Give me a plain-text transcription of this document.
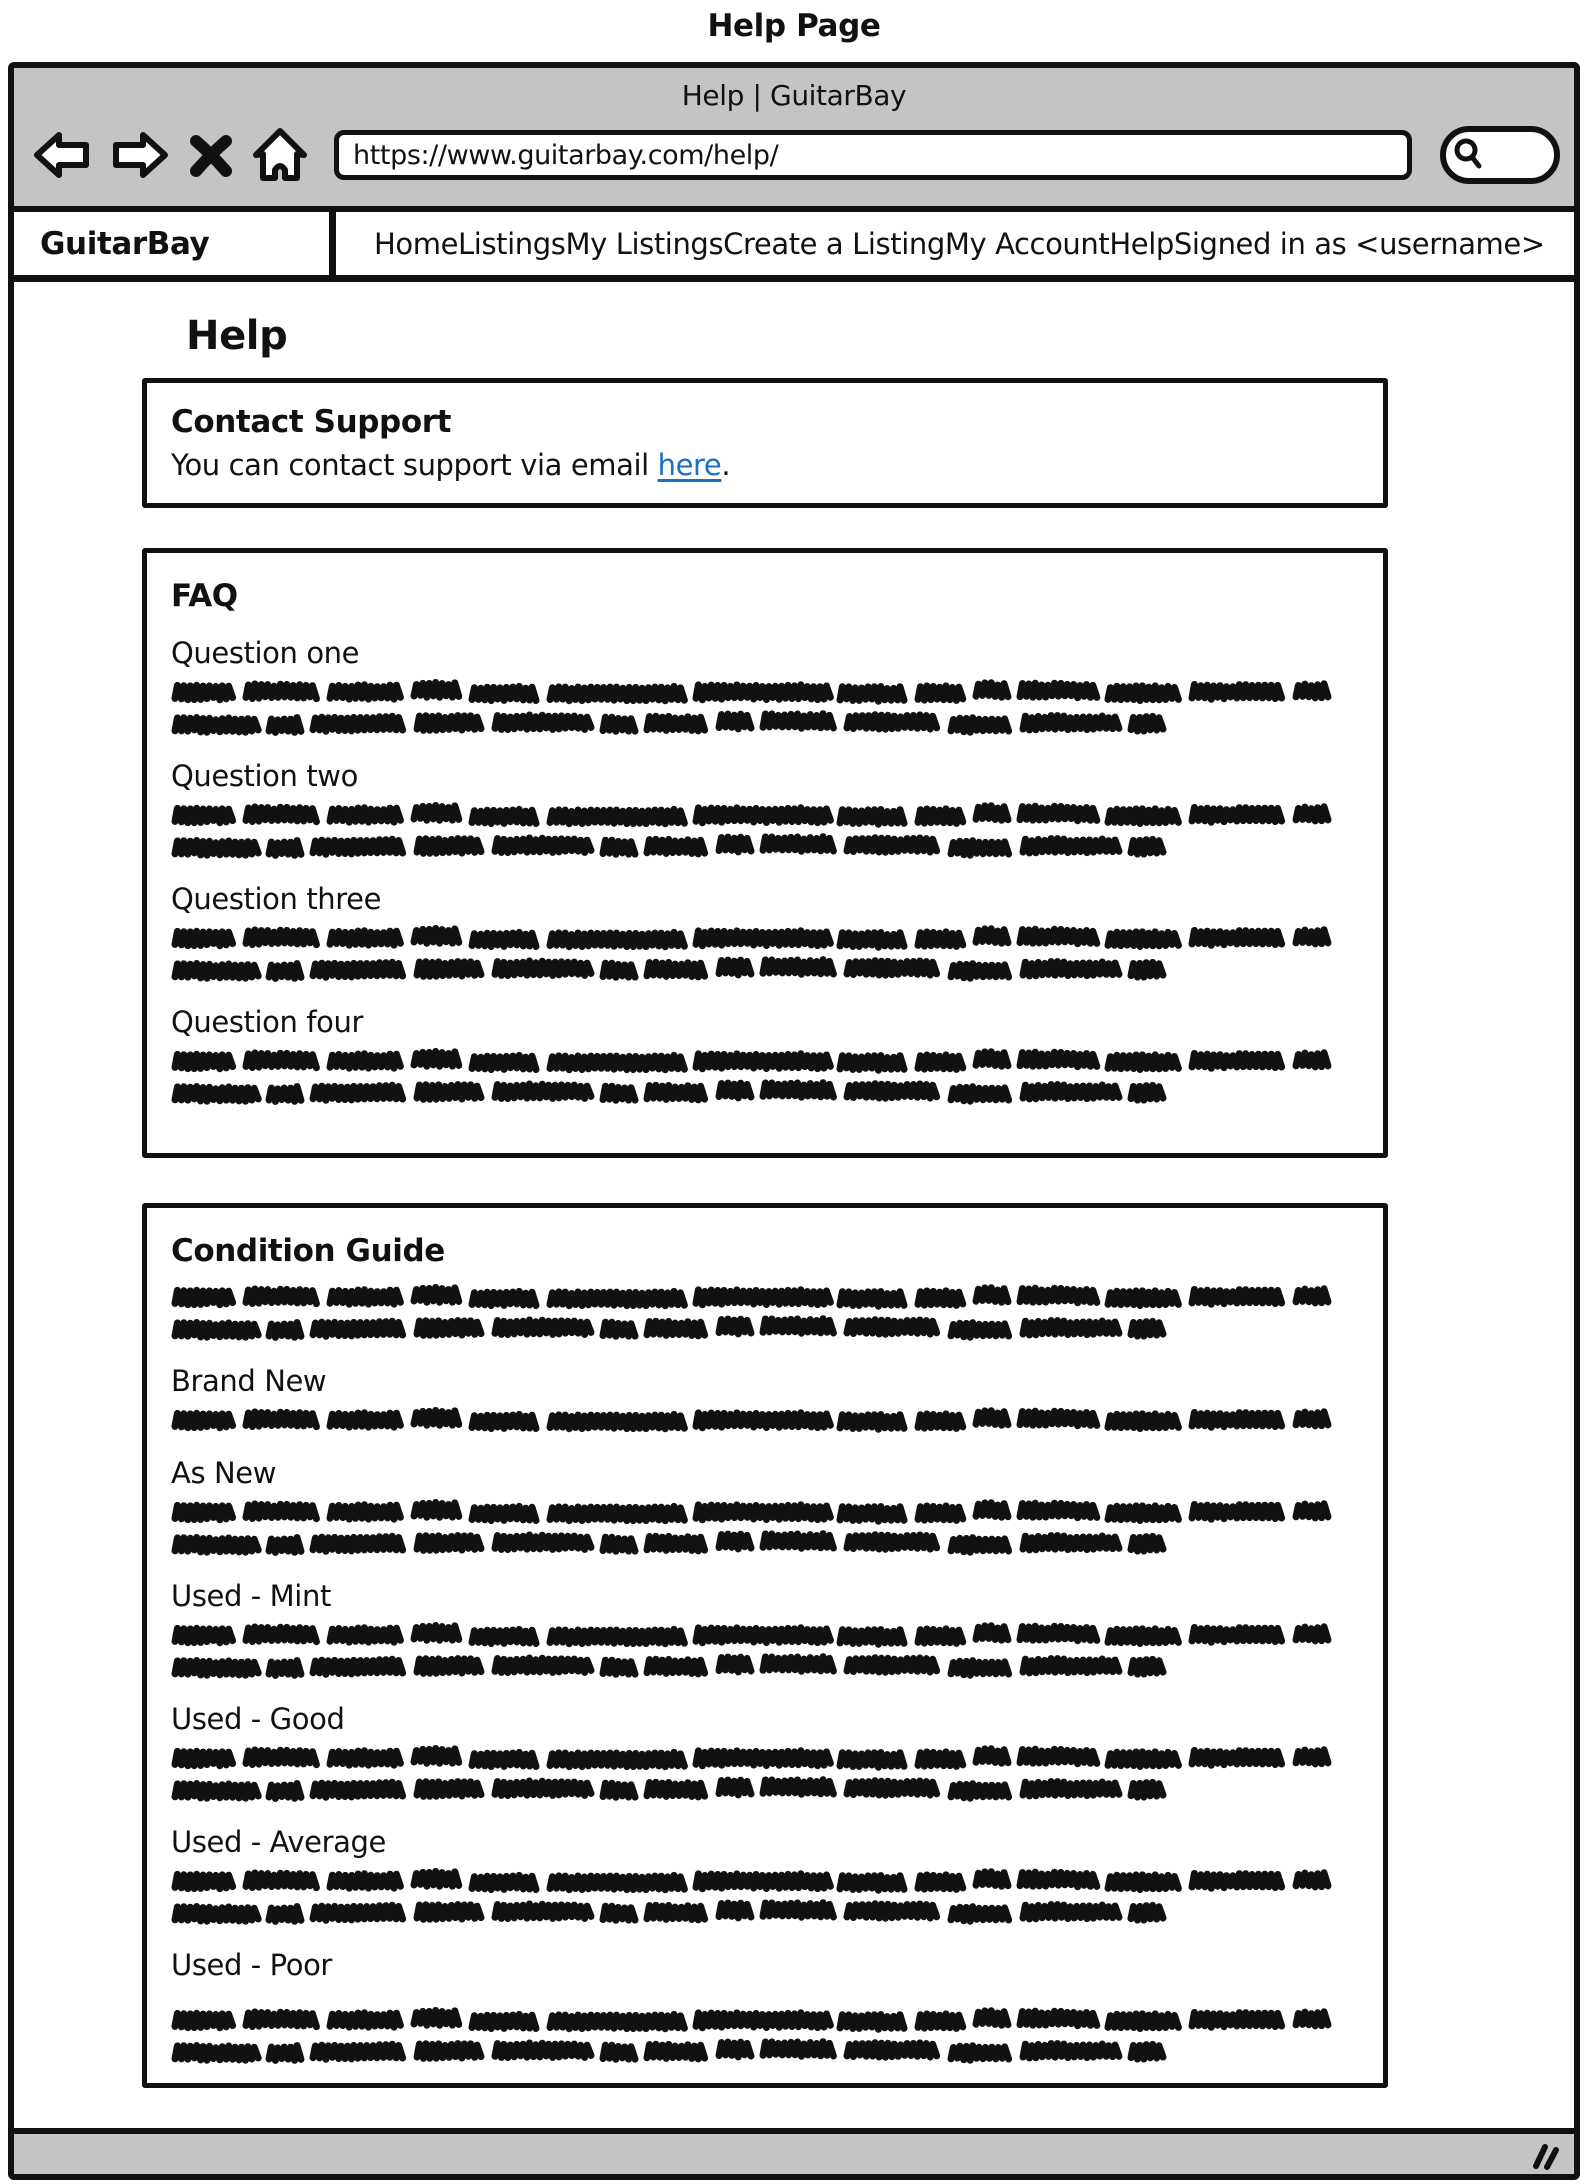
Help Page
Help | GuitarBay
https://www.guitarbay.com/help/
GuitarBay	Home Listings My Listings Create a Listing My Account Help Signed in as <username>
Help
Contact Support
You can contact support via email here.
FAQ
Question one
Question two
Question three
Question four
Condition Guide
Brand New
As New
Used - Mint
Used - Good
Used - Average
Used - Poor
